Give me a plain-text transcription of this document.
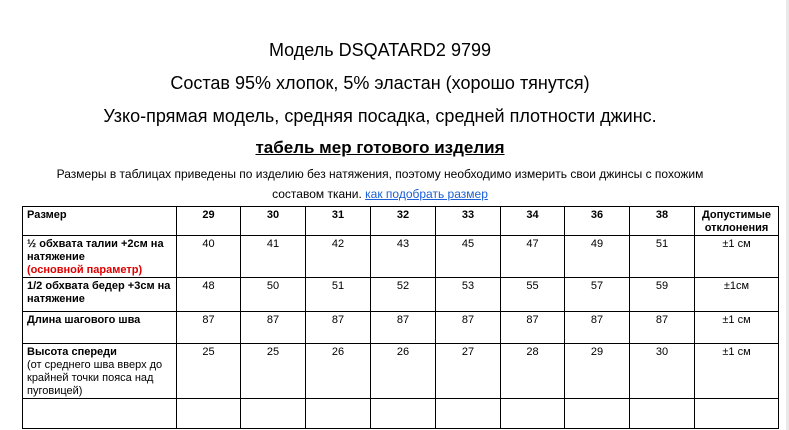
Модель DSQATARD2 9799
Состав 95% хлопок, 5% эластан (хорошо тянутся)
Узко-прямая модель, средняя посадка, средней плотности джинс.
табель мер готового изделия
Размеры в таблицах приведены по изделию без натяжения, поэтому необходимо измерить свои джинсы с похожим
составом ткани. как подобрать размер
Размер	29	30	31	32	33	34	36	38	Допустимые отклонения
½ обхвата талии +2см на натяжение
(основной параметр)	40	41	42	43	45	47	49	51	±1 см
1/2 обхвата бедер +3см на натяжение	48	50	51	52	53	55	57	59	±1см
Длина шагового шва	87	87	87	87	87	87	87	87	±1 см
Высота спереди
(от среднего шва вверх до крайней точки пояса над пуговицей)	25	25	26	26	27	28	29	30	±1 см
